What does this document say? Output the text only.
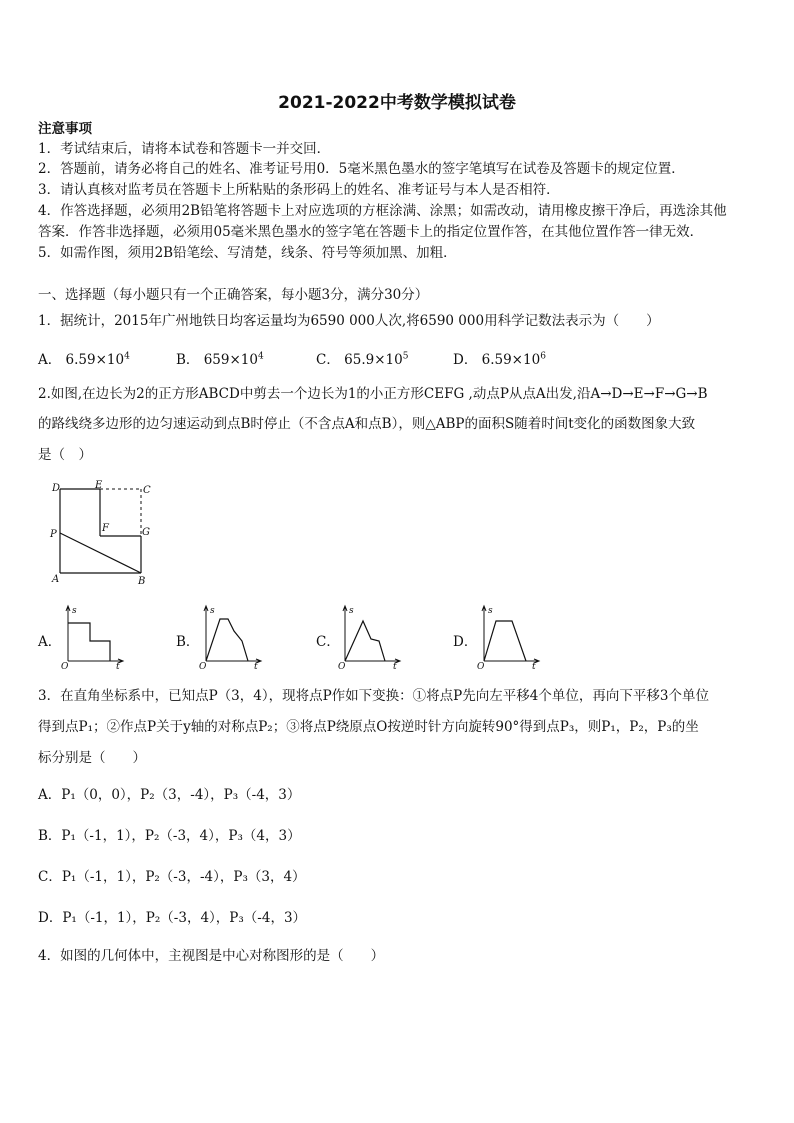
2021-2022中考数学模拟试卷
注意事项
1．考试结束后，请将本试卷和答题卡一并交回．
2．答题前，请务必将自己的姓名、准考证号用0．5毫米黑色墨水的签字笔填写在试卷及答题卡的规定位置．
3．请认真核对监考员在答题卡上所粘贴的条形码上的姓名、准考证号与本人是否相符．
4．作答选择题，必须用2B铅笔将答题卡上对应选项的方框涂满、涂黑；如需改动，请用橡皮擦干净后，再选涂其他
答案．作答非选择题，必须用05毫米黑色墨水的签字笔在答题卡上的指定位置作答，在其他位置作答一律无效．
5．如需作图，须用2B铅笔绘、写清楚，线条、符号等须加黑、加粗．
一、选择题（每小题只有一个正确答案，每小题3分，满分30分）
1．据统计，2015年广州地铁日均客运量均为6590 000人次,将6590 000用科学记数法表示为（　　）
A． $6.59\times 10^4$	B． $659\times 10^4$	C． $65.9\times 10^5$	D． $6.59\times 10^6$
2.如图,在边长为2的正方形ABCD中剪去一个边长为1的小正方形CEFG ,动点P从点A出发,沿A→D→E→F→G→B
的路线绕多边形的边匀速运动到点B时停止（不含点A和点B），则△ABP的面积S随着时间t变化的函数图象大致
是（　）
D	E	C
P
F	G
A	B
A．
s
O	t
B．
s
O	t
C．
s
O	t
D．
s
O	t
3．在直角坐标系中，已知点P（3，4），现将点P作如下变换：①将点P先向左平移4个单位，再向下平移3个单位
得到点P₁；②作点P关于y轴的对称点P₂；③将点P绕原点O按逆时针方向旋转90°得到点P₃，则P₁，P₂，P₃的坐
标分别是（　　）
A．P₁（0，0），P₂（3，-4），P₃（-4，3）
B．P₁（-1，1），P₂（-3，4），P₃（4，3）
C．P₁（-1，1），P₂（-3，-4），P₃（3，4）
D．P₁（-1，1），P₂（-3，4），P₃（-4，3）
4．如图的几何体中，主视图是中心对称图形的是（　　）
